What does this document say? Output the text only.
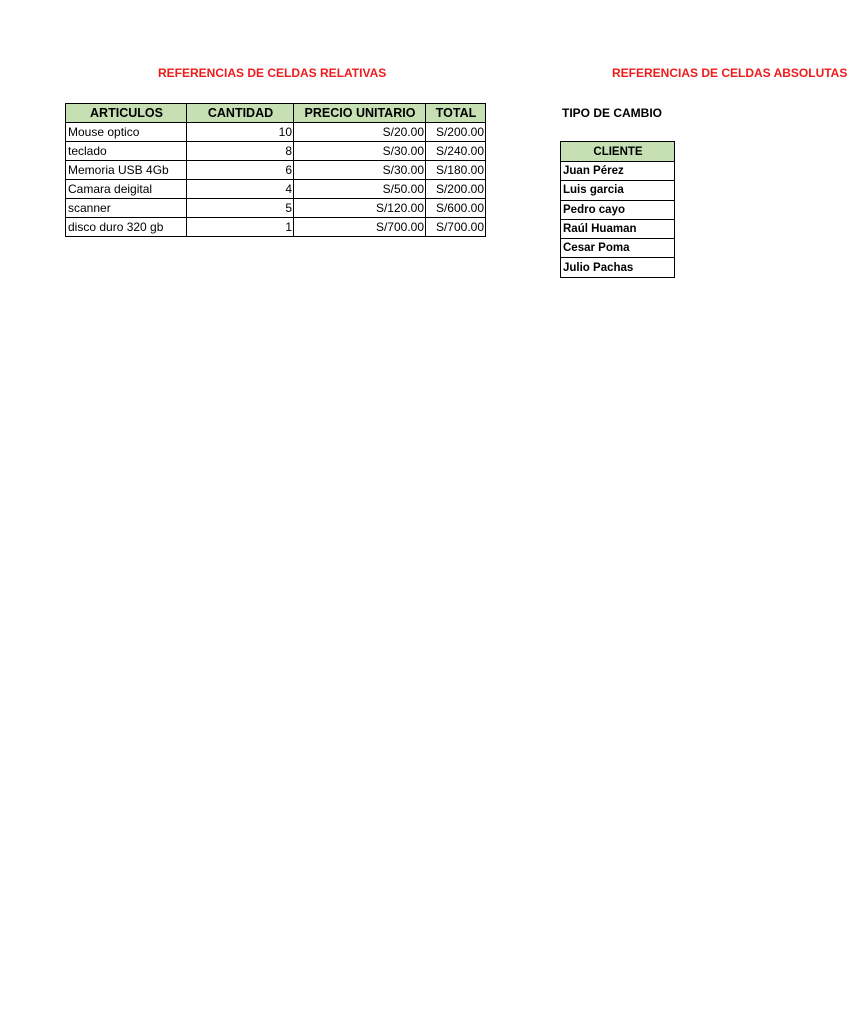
REFERENCIAS DE CELDAS RELATIVAS	REFERENCIAS DE CELDAS ABSOLUTAS
ARTICULOS	CANTIDAD	PRECIO UNITARIO	TOTAL
Mouse optico	10	S/20.00	S/200.00
teclado	8	S/30.00	S/240.00
Memoria USB 4Gb	6	S/30.00	S/180.00
Camara deigital	4	S/50.00	S/200.00
scanner	5	S/120.00	S/600.00
disco duro 320 gb	1	S/700.00	S/700.00
TIPO DE CAMBIO
CLIENTE
Juan Pérez
Luis garcia
Pedro cayo
Raúl Huaman
Cesar Poma
Julio Pachas
